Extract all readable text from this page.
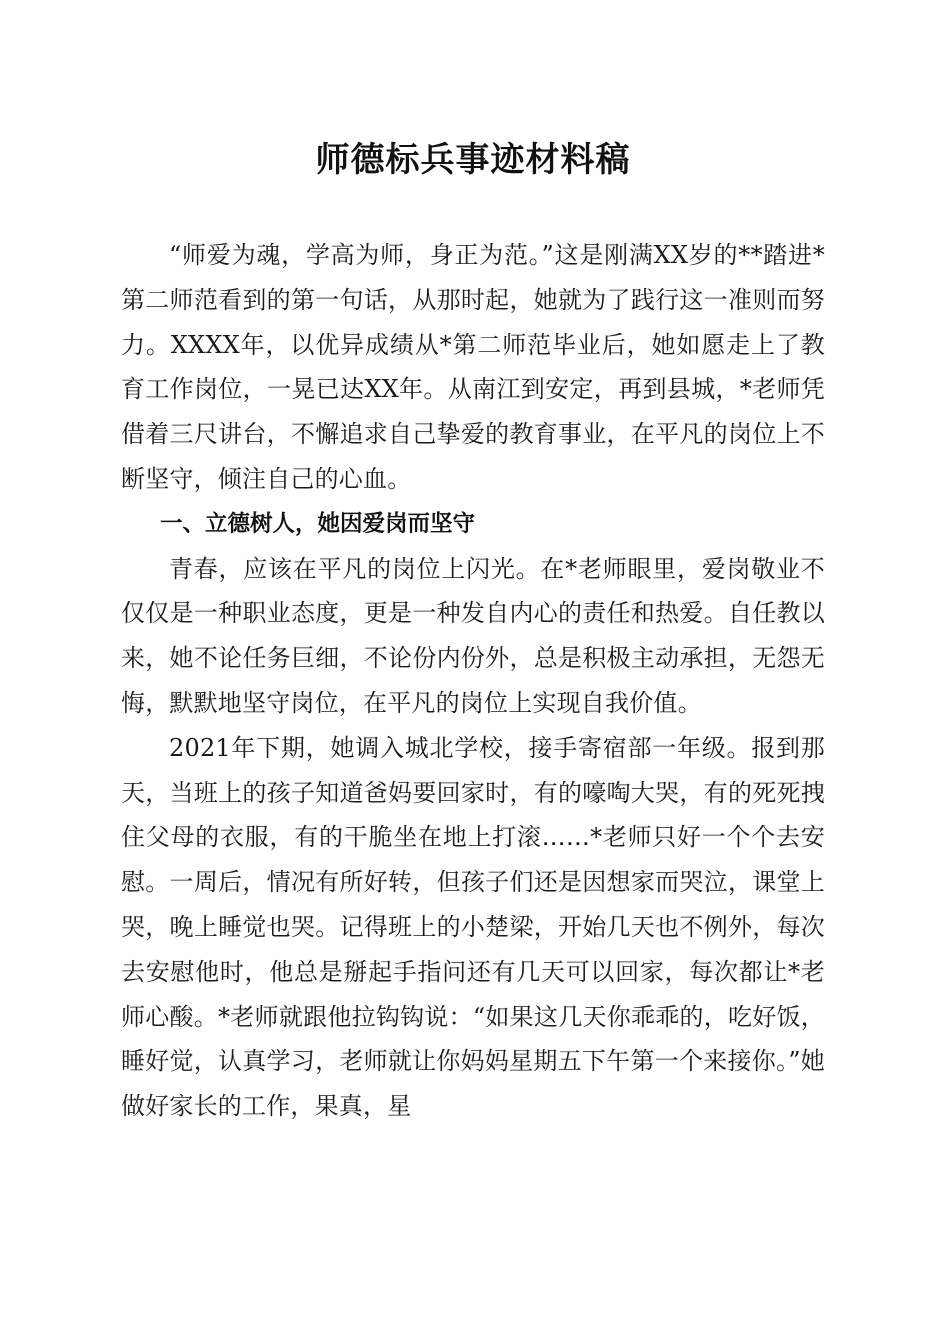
师德标兵事迹材料稿

“师爱为魂，学高为师，身正为范。”这是刚满XX岁的**踏进*第二师范看到的第一句话，从那时起，她就为了践行这一准则而努力。XXXX年，以优异成绩从*第二师范毕业后，她如愿走上了教育工作岗位，一晃已达XX年。从南江到安定，再到县城，*老师凭借着三尺讲台，不懈追求自己挚爱的教育事业，在平凡的岗位上不断坚守，倾注自己的心血。

一、立德树人，她因爱岗而坚守

青春，应该在平凡的岗位上闪光。在*老师眼里，爱岗敬业不仅仅是一种职业态度，更是一种发自内心的责任和热爱。自任教以来，她不论任务巨细，不论份内份外，总是积极主动承担，无怨无悔，默默地坚守岗位，在平凡的岗位上实现自我价值。

2021年下期，她调入城北学校，接手寄宿部一年级。报到那天，当班上的孩子知道爸妈要回家时，有的嚎啕大哭，有的死死拽住父母的衣服，有的干脆坐在地上打滚……*老师只好一个个去安慰。一周后，情况有所好转，但孩子们还是因想家而哭泣，课堂上哭，晚上睡觉也哭。记得班上的小楚梁，开始几天也不例外，每次去安慰他时，他总是掰起手指问还有几天可以回家，每次都让*老师心酸。*老师就跟他拉钩钩说：“如果这几天你乖乖的，吃好饭，睡好觉，认真学习，老师就让你妈妈星期五下午第一个来接你。”她做好家长的工作，果真，星
